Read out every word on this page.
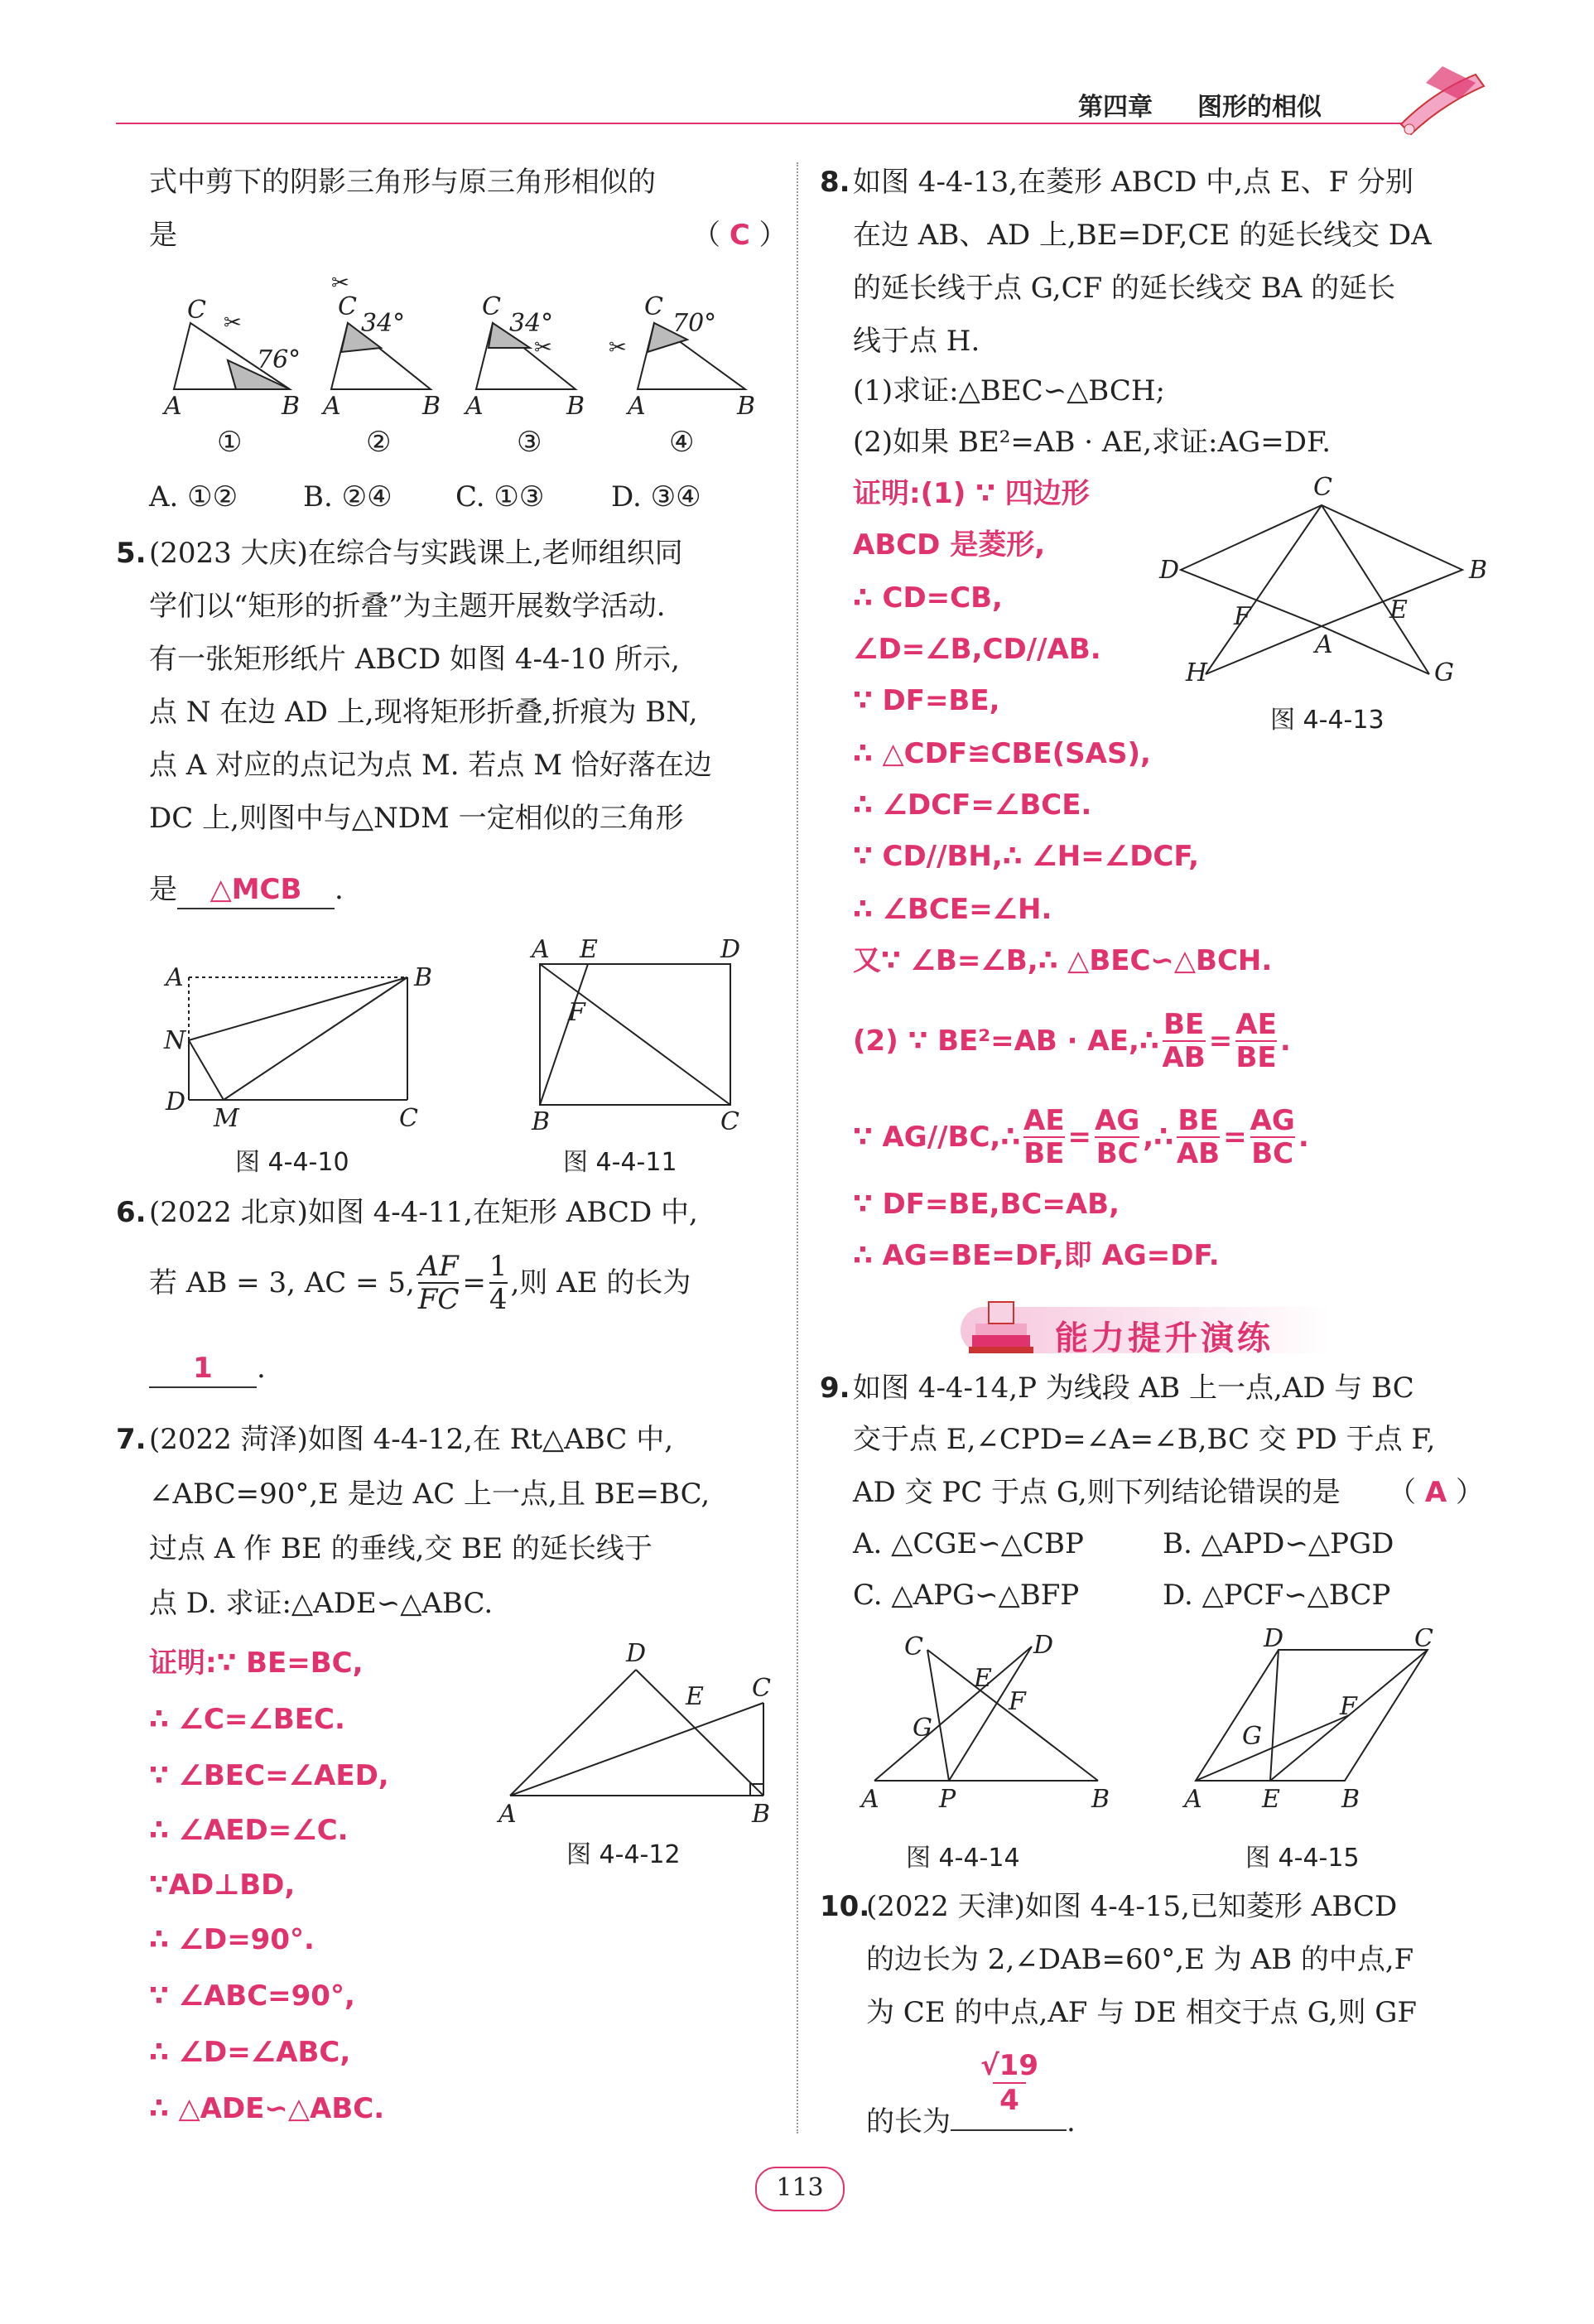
第四章 图形的相似
式中剪下的阴影三角形与原三角形相似的
是	（ C ）
C
A	B
76°
C
A	B
34°
C
A	B
34°
C
A	B
70°
✂
✂
✂	✂
①	②	③	④
A. ①② B. ②④ C. ①③ D. ③④
5. (2023 大庆)在综合与实践课上,老师组织同
学们以“矩形的折叠”为主题开展数学活动.
有一张矩形纸片 ABCD 如图 4-4-10 所示,
点 N 在边 AD 上,现将矩形折叠,折痕为 BN,
点 A 对应的点记为点 M. 若点 M 恰好落在边
DC 上,则图中与△NDM 一定相似的三角形
是 △MCB .
A	B
N
D
M	C
图 4-4-10
A E	D
F
B	C
图 4-4-11
6. (2022 北京)如图 4-4-11,在矩形 ABCD 中,
若 AB = 3, AC = 5, $\frac{AF}{FC} = \frac{1}{4}$ ,则 AE 的长为
1 .
7. (2022 菏泽)如图 4-4-12,在 Rt△ABC 中,
∠ABC=90°,E 是边 AC 上一点,且 BE=BC,
过点 A 作 BE 的垂线,交 BE 的延长线于
点 D. 求证:△ADE∽△ABC.
证明:∵ BE=BC,
∴ ∠C=∠BEC.
∵ ∠BEC=∠AED,
∴ ∠AED=∠C.
∵AD⊥BD,
∴ ∠D=90°.
∵ ∠ABC=90°,
∴ ∠D=∠ABC,
∴ △ADE∽△ABC.
D
E C
A	B
图 4-4-12
8. 如图 4-4-13,在菱形 ABCD 中,点 E、F 分别
在边 AB、AD 上,BE=DF,CE 的延长线交 DA
的延长线于点 G,CF 的延长线交 BA 的延长
线于点 H.
(1)求证:△BEC∽△BCH;
(2)如果 BE²=AB · AE,求证:AG=DF.
证明:(1) ∵ 四边形
ABCD 是菱形,
∴ CD=CB,
∠D=∠B,CD//AB.
∵ DF=BE,
∴ △CDF≌CBE(SAS),
∴ ∠DCF=∠BCE.
∵ CD//BH,∴ ∠H=∠DCF,
∴ ∠BCE=∠H.
又∵ ∠B=∠B,∴ △BEC∽△BCH.
(2) ∵ BE²=AB · AE,∴ $\frac{BE}{AB} = \frac{AE}{BE}$ .
∵ AG//BC,∴ $\frac{AE}{BE} = \frac{AG}{BC}$ ,∴ $\frac{BE}{AB} = \frac{AG}{BC}$ .
∵ DF=BE,BC=AB,
∴ AG=BE=DF,即 AG=DF.
C
D	B
F	E
A
H	G
图 4-4-13
能力提升演练
9. 如图 4-4-14,P 为线段 AB 上一点,AD 与 BC
交于点 E,∠CPD=∠A=∠B,BC 交 PD 于点 F,
AD 交 PC 于点 G,则下列结论错误的是 （ A ）
A. △CGE∽△CBP	B. △APD∽△PGD
C. △APG∽△BFP	D. △PCF∽△BCP
C	D
E
F
G
A P	B
图 4-4-14
D	C
F
G
A E B
图 4-4-15
10.
(2022 天津)如图 4-4-15,已知菱形 ABCD
的边长为 2,∠DAB=60°,E 为 AB 的中点,F
为 CE 的中点,AF 与 DE 相交于点 G,则 GF
的长为	.
$\frac{√19}{4}$
113
